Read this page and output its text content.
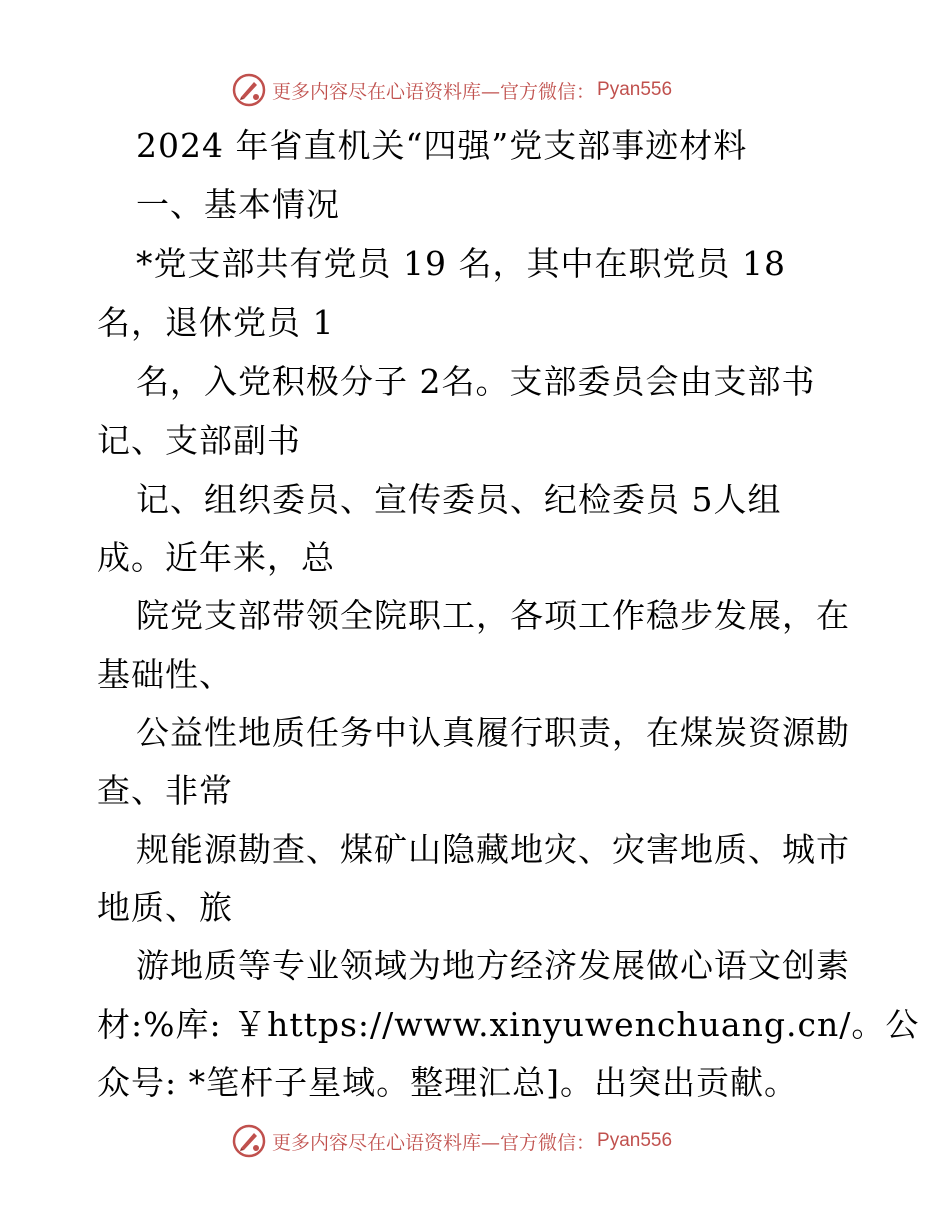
更多内容尽在心语资料库—官方微信： Pyan556
2024 年省直机关“四强”党支部事迹材料
一、基本情况
*党支部共有党员 19 名，其中在职党员 18
名，退休党员 1
名，入党积极分子 2名。支部委员会由支部书
记、支部副书
记、组织委员、宣传委员、纪检委员 5人组
成。近年来，总
院党支部带领全院职工，各项工作稳步发展，在
基础性、
公益性地质任务中认真履行职责，在煤炭资源勘
查、非常
规能源勘查、煤矿山隐藏地灾、灾害地质、城市
地质、旅
游地质等专业领域为地方经济发展做心语文创素
材:%库: ￥https://www.xinyuwenchuang.cn/。公
众号: *笔杆子星域。整理汇总]。出突出贡献。
更多内容尽在心语资料库—官方微信： Pyan556
